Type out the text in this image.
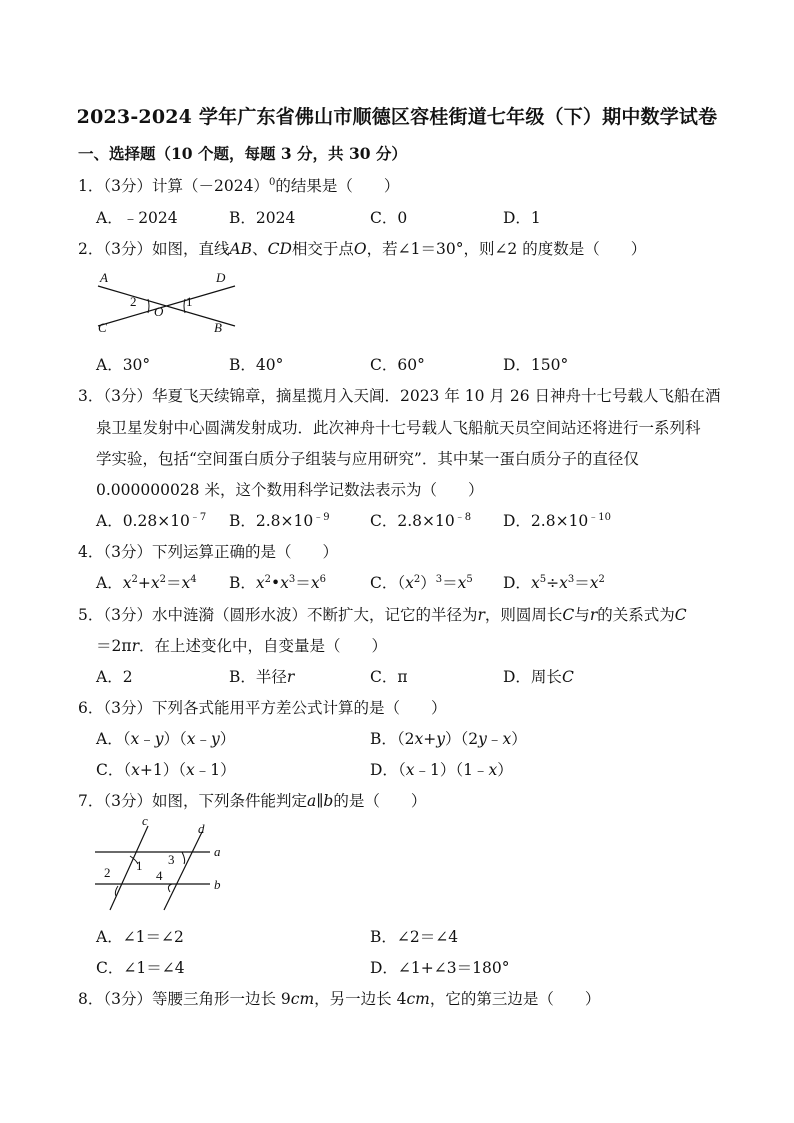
2023-2024 学年广东省佛山市顺德区容桂街道七年级（下）期中数学试卷
一、选择题（10 个题，每题 3 分，共 30 分）
1．（3分）计算$(-2024)^0$的结果是（　　）
A．﹣2024	B．2024	C．0	D．1
2．（3分）如图，直线AB、CD相交于点O，若∠1＝30°，则∠2 的度数是（　　）
A	D
C	B
O
1
2
A．30°	B．40°	C．60°	D．150°
3．（3分）华夏飞天续锦章，摘星揽月入天阊．2023 年 10 月 26 日神舟十七号载人飞船在酒
泉卫星发射中心圆满发射成功．此次神舟十七号载人飞船航天员空间站还将进行一系列科
学实验，包括“空间蛋白质分子组装与应用研究”．其中某一蛋白质分子的直径仅
0.000000028 米，这个数用科学记数法表示为（　　）
A．$0.28\times 10^{﹣7}$ B．$2.8\times 10^{﹣9}$	C．$2.8\times 10^{﹣8}$ D．$2.8\times 10^{﹣10}$
4．（3分）下列运算正确的是（　　）
A．$x^2+x^2=x^4$ B．$x^2•x^3=x^6$	C．$(x^2)^3=x^5$ D．$x^5\div x^3=x^2$
5．（3分）水中涟漪（圆形水波）不断扩大，记它的半径为r，则圆周长C与r的关系式为C
＝2πr．在上述变化中，自变量是（　　）
A．2	B．半径r	C．π	D．周长C
6．（3分）下列各式能用平方差公式计算的是（　　）
A．（x﹣y）（x﹣y）	B．（2x+y）（2y﹣x）
C．（x+1）（x﹣1）	D．（x﹣1）（1﹣x）
7．（3分）如图，下列条件能判定a∥b的是（　　）
c
d
a
b
1
2
3
4
A．∠1＝∠2	B．∠2＝∠4
C．∠1＝∠4	D．∠1+∠3＝180°
8．（3分）等腰三角形一边长 9cm，另一边长 4cm，它的第三边是（　　）
